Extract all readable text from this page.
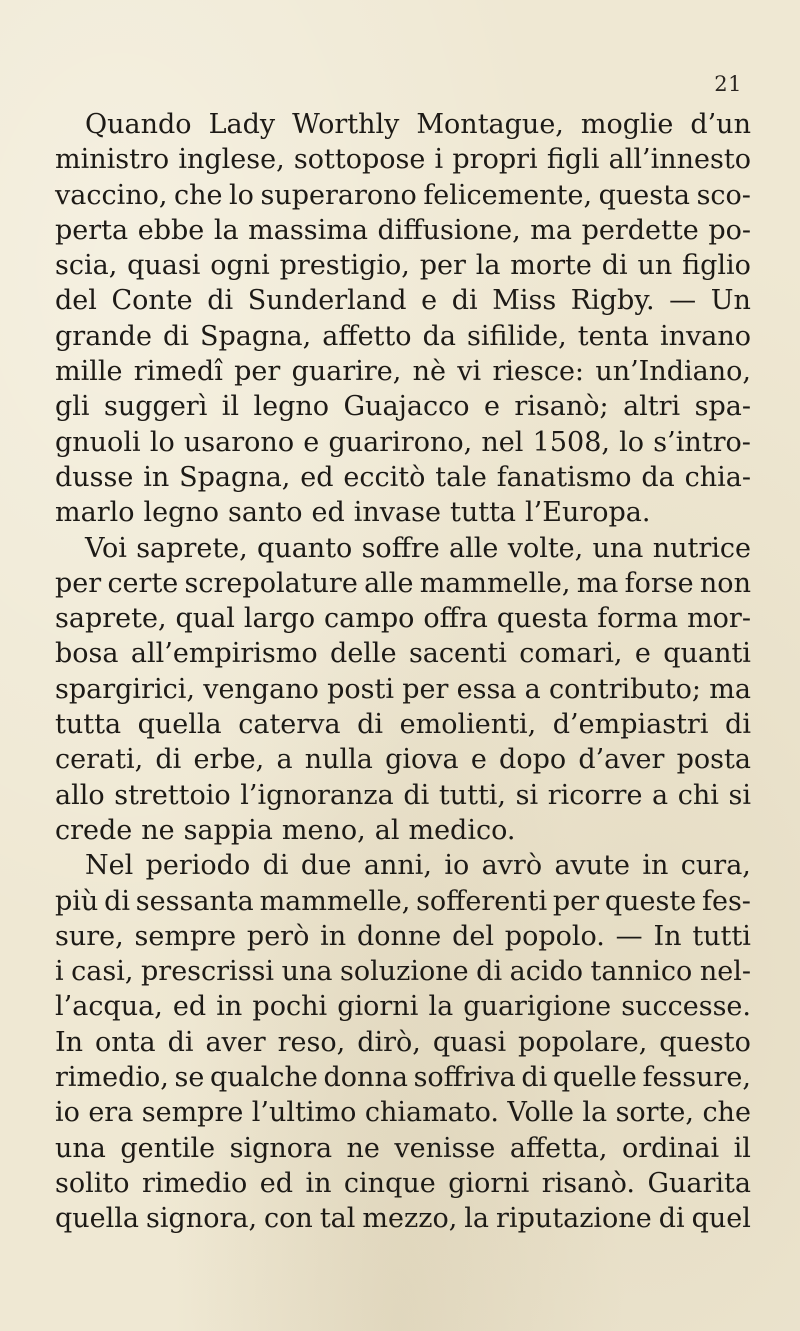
21
Quando Lady Worthly Montague, moglie d’un
ministro inglese, sottopose i propri figli all’innesto
vaccino, che lo superarono felicemente, questa sco-
perta ebbe la massima diffusione, ma perdette po-
scia, quasi ogni prestigio, per la morte di un figlio
del Conte di Sunderland e di Miss Rigby. — Un
grande di Spagna, affetto da sifilide, tenta invano
mille rimedî per guarire, nè vi riesce: un’Indiano,
gli suggerì il legno Guajacco e risanò; altri spa-
gnuoli lo usarono e guarirono, nel 1508, lo s’intro-
dusse in Spagna, ed eccitò tale fanatismo da chia-
marlo legno santo ed invase tutta l’Europa.
Voi saprete, quanto soffre alle volte, una nutrice
per certe screpolature alle mammelle, ma forse non
saprete, qual largo campo offra questa forma mor-
bosa all’empirismo delle sacenti comari, e quanti
spargirici, vengano posti per essa a contributo; ma
tutta quella caterva di emolienti, d’empiastri di
cerati, di erbe, a nulla giova e dopo d’aver posta
allo strettoio l’ignoranza di tutti, si ricorre a chi si
crede ne sappia meno, al medico.
Nel periodo di due anni, io avrò avute in cura,
più di sessanta mammelle, sofferenti per queste fes-
sure, sempre però in donne del popolo. — In tutti
i casi, prescrissi una soluzione di acido tannico nel-
l’acqua, ed in pochi giorni la guarigione successe.
In onta di aver reso, dirò, quasi popolare, questo
rimedio, se qualche donna soffriva di quelle fessure,
io era sempre l’ultimo chiamato. Volle la sorte, che
una gentile signora ne venisse affetta, ordinai il
solito rimedio ed in cinque giorni risanò. Guarita
quella signora, con tal mezzo, la riputazione di quel
